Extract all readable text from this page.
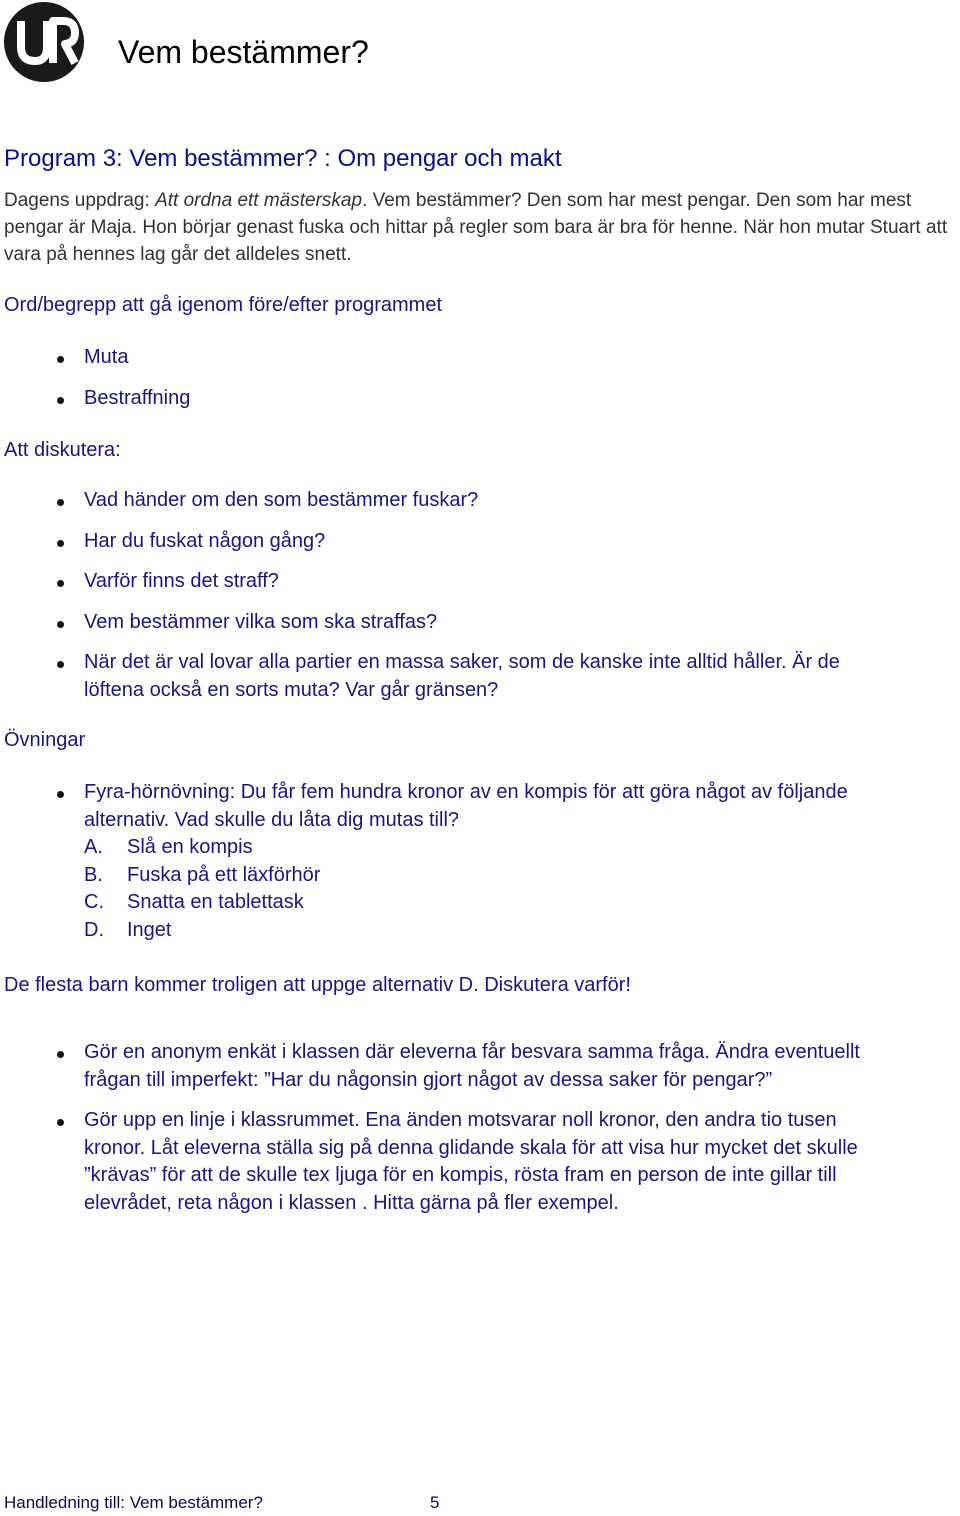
Vem bestämmer?
Program 3: Vem bestämmer? : Om pengar och makt

Dagens uppdrag: Att ordna ett mästerskap. Vem bestämmer? Den som har mest pengar. Den som har mest pengar är Maja. Hon börjar genast fuska och hittar på regler som bara är bra för henne. När hon mutar Stuart att vara på hennes lag går det alldeles snett.

Ord/begrepp att gå igenom före/efter programmet
Muta
Bestraffning
Att diskutera:
Vad händer om den som bestämmer fuskar?
Har du fuskat någon gång?
Varför finns det straff?
Vem bestämmer vilka som ska straffas?
När det är val lovar alla partier en massa saker, som de kanske inte alltid håller. Är de löftena också en sorts muta? Var går gränsen?
Övningar
Fyra-hörnövning: Du får fem hundra kronor av en kompis för att göra något av följande alternativ. Vad skulle du låta dig mutas till?
A. Slå en kompis
B. Fuska på ett läxförhör
C. Snatta en tablettask
D. Inget

De flesta barn kommer troligen att uppge alternativ D. Diskutera varför!

Gör en anonym enkät i klassen där eleverna får besvara samma fråga. Ändra eventuellt frågan till imperfekt: ”Har du någonsin gjort något av dessa saker för pengar?”
Gör upp en linje i klassrummet. Ena änden motsvarar noll kronor, den andra tio tusen kronor. Låt eleverna ställa sig på denna glidande skala för att visa hur mycket det skulle ”krävas” för att de skulle tex ljuga för en kompis, rösta fram en person de inte gillar till elevrådet, reta någon i klassen . Hitta gärna på fler exempel.
Handledning till: Vem bestämmer?	5
